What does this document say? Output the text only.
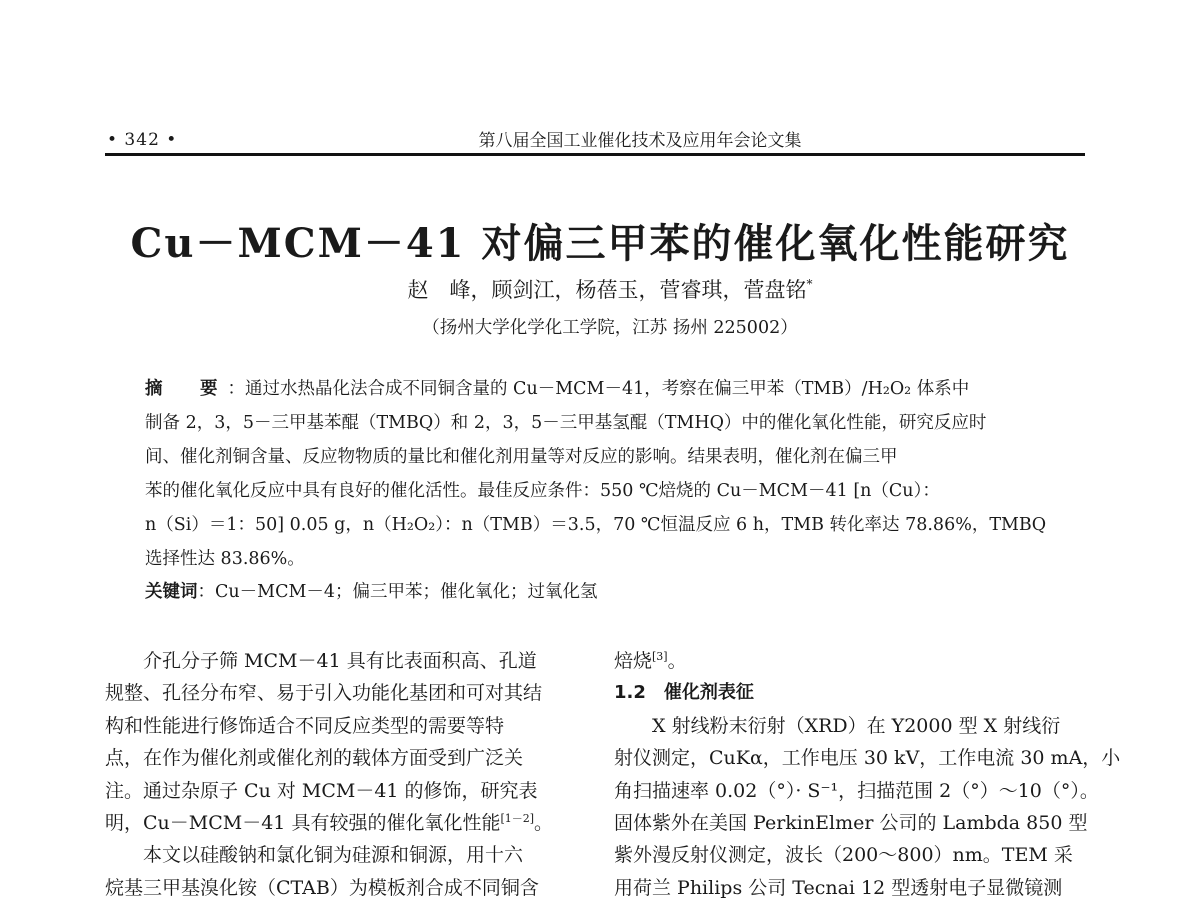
• 342 •	第八届全国工业催化技术及应用年会论文集
Cu－MCM－41 对偏三甲苯的催化氧化性能研究
赵　峰，顾剑江，杨蓓玉，菅睿琪，菅盘铭*
（扬州大学化学化工学院，江苏 扬州 225002）
摘　要：通过水热晶化法合成不同铜含量的 Cu－MCM－41，考察在偏三甲苯（TMB）/H₂O₂ 体系中
制备 2，3，5－三甲基苯醌（TMBQ）和 2，3，5－三甲基氢醌（TMHQ）中的催化氧化性能，研究反应时
间、催化剂铜含量、反应物物质的量比和催化剂用量等对反应的影响。结果表明，催化剂在偏三甲
苯的催化氧化反应中具有良好的催化活性。最佳反应条件：550 ℃焙烧的 Cu－MCM－41 [n（Cu）：
n（Si）＝1：50] 0.05 g，n（H₂O₂）：n（TMB）＝3.5，70 ℃恒温反应 6 h，TMB 转化率达 78.86%，TMBQ
选择性达 83.86%。
关键词：Cu－MCM－4；偏三甲苯；催化氧化；过氧化氢
介孔分子筛 MCM－41 具有比表面积高、孔道
规整、孔径分布窄、易于引入功能化基团和可对其结
构和性能进行修饰适合不同反应类型的需要等特
点，在作为催化剂或催化剂的载体方面受到广泛关
注。通过杂原子 Cu 对 MCM－41 的修饰，研究表
明，Cu－MCM－41 具有较强的催化氧化性能[1－2]。
本文以硅酸钠和氯化铜为硅源和铜源，用十六
烷基三甲基溴化铵（CTAB）为模板剂合成不同铜含
焙烧[3]。
1.2　催化剂表征
X 射线粉末衍射（XRD）在 Y2000 型 X 射线衍
射仪测定，CuKα，工作电压 30 kV，工作电流 30 mA，小
角扫描速率 0.02（°）· S⁻¹，扫描范围 2（°）～10（°）。
固体紫外在美国 PerkinElmer 公司的 Lambda 850 型
紫外漫反射仪测定，波长（200～800）nm。TEM 采
用荷兰 Philips 公司 Tecnai 12 型透射电子显微镜测
